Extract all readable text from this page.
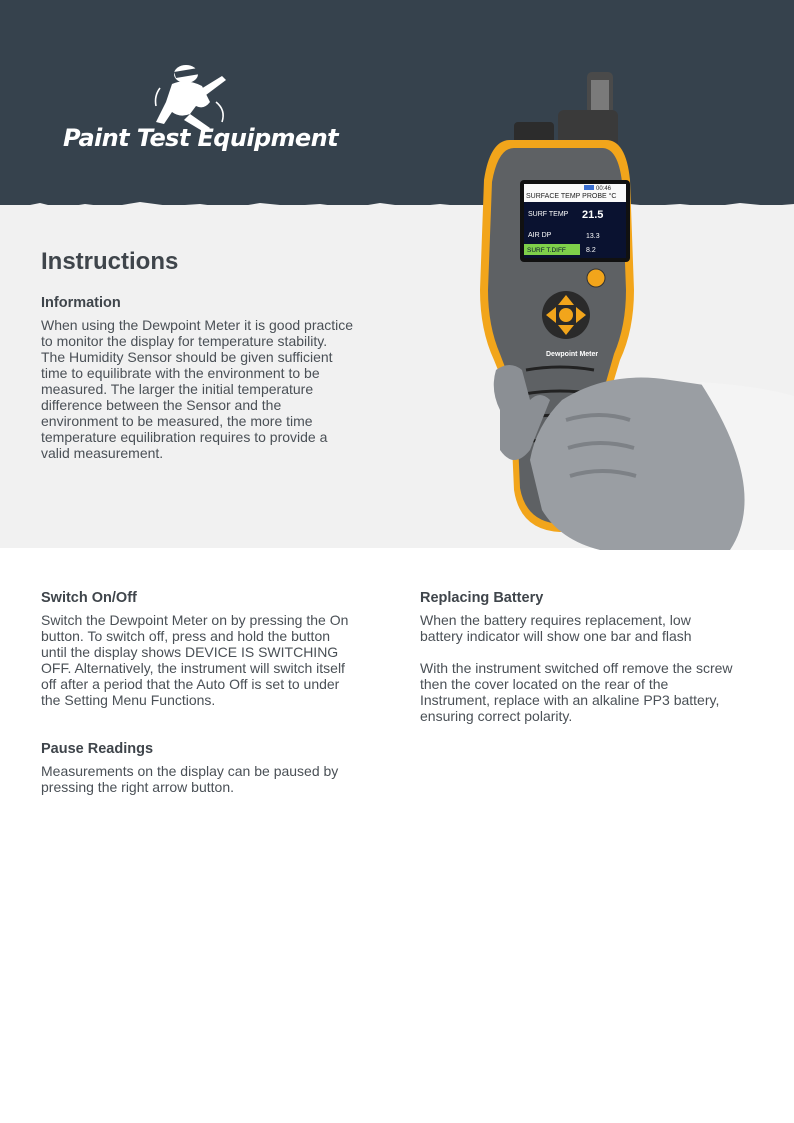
Paint Test Equipment
Instructions
Information

When using the Dewpoint Meter it is good practice

to monitor the display for temperature stability.

The Humidity Sensor should be given sufficient

time to equilibrate with the environment to be

measured. The larger the initial temperature

difference between the Sensor and the

environment to be measured, the more time

temperature equilibration requires to provide a

valid measurement.

00:46
SURFACE TEMP PROBE °C
SURF TEMP 21.5
AIR DP	13.3
SURF T.DIFF	8.2
Dewpoint Meter
Switch On/Off

Switch the Dewpoint Meter on by pressing the On

button. To switch off, press and hold the button

until the display shows DEVICE IS SWITCHING

OFF. Alternatively, the instrument will switch itself

off after a period that the Auto Off is set to under

the Setting Menu Functions.

Pause Readings

Measurements on the display can be paused by

pressing the right arrow button.

Replacing Battery

When the battery requires replacement, low

battery indicator will show one bar and flash

With the instrument switched off remove the screw

then the cover located on the rear of the

Instrument, replace with an alkaline PP3 battery,

ensuring correct polarity.
